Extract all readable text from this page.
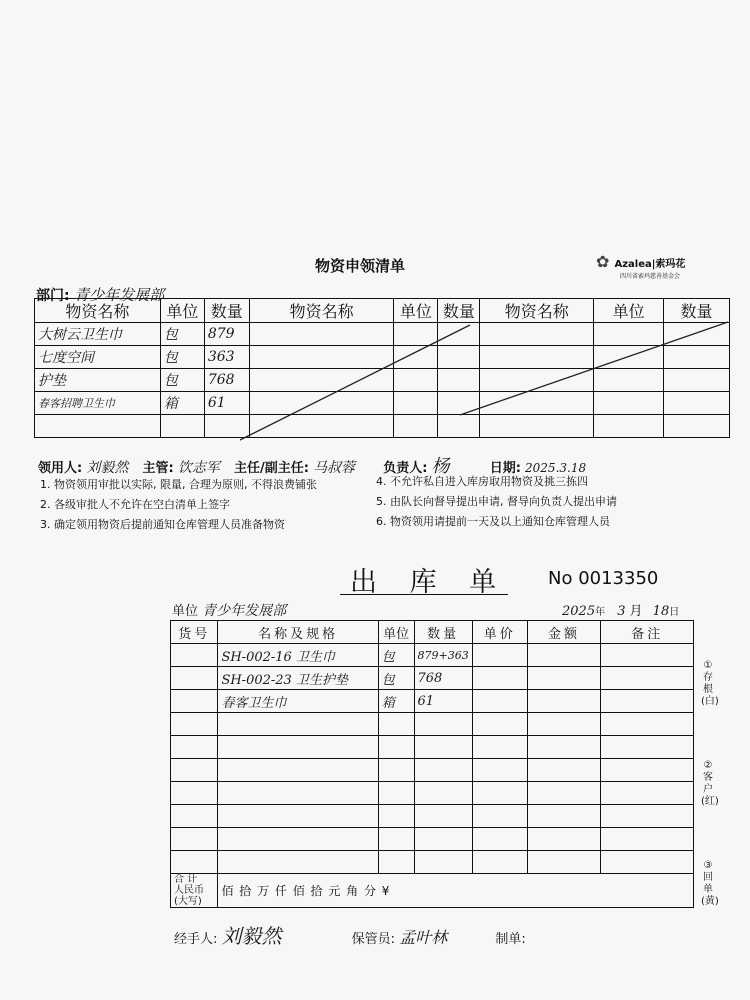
物资申领清单	✿ Azalea|索玛花
四川省索玛慈善基金会
部门: 青少年发展部
物资名称	单位	数量	物资名称	单位	数量	物资名称	单位	数量
大树云卫生巾	包	879						
七度空间	包	363						
护垫	包	768						
春客招聘卫生巾	箱	61						

领用人: 刘毅然 主管: 饮志军 主任/副主任: 马叔蓉 负责人: 杨	日期: 2025.3.18
1. 物资领用审批以实际, 限量, 合理为原则, 不得浪费铺张
2. 各级审批人不允许在空白清单上签字
3. 确定领用物资后提前通知仓库管理人员准备物资
4. 不允许私自进入库房取用物资及挑三拣四
5. 由队长向督导提出申请, 督导向负责人提出申请
6. 物资领用请提前一天及以上通知仓库管理人员
出 库 单 No 0013350
单位 青少年发展部	2025年 3 月 18日
货号	名称及规格	单位	数量	单价	金额	备注
	SH-002-16 卫生巾	包	879+363			
	SH-002-23 卫生护垫	包	768			
	春客卫生巾	箱	61			

合 计
人民币(大写)	佰 拾 万 仟 佰 拾 元 角 分 ¥					
①存根(白)
②客户(红)
③回单(黄)
经手人: 刘毅然	保管员: 孟叶林	制单:
